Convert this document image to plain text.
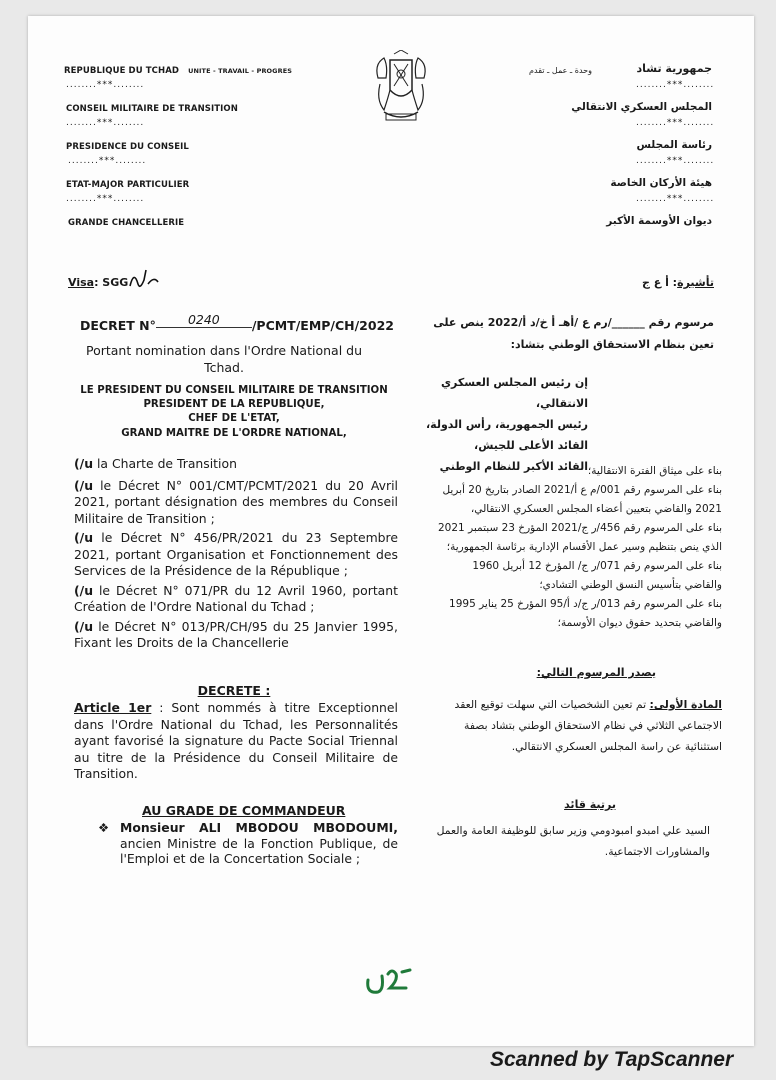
REPUBLIQUE DU TCHAD UNITE - TRAVAIL - PROGRES
........***........
CONSEIL MILITAIRE DE TRANSITION
........***........
PRESIDENCE DU CONSEIL
........***........
ETAT-MAJOR PARTICULIER
........***........
GRANDE CHANCELLERIE
جمهورية تشاد
وحدة ـ عمل ـ تقدم
........***........
المجلس العسكري الانتقالي
........***........
رئاسة المجلس
........***........
هيئة الأركان الخاصة
........***........
ديوان الأوسمة الأكبر
Visa: SGG	تأشيرة: أ ع ج
DECRET N°	0240	/PCMT/EMP/CH/2022
Portant nomination dans l'Ordre National du Tchad.
LE PRESIDENT DU CONSEIL MILITAIRE DE TRANSITION
PRESIDENT DE LA REPUBLIQUE,
CHEF DE L'ETAT,
GRAND MAITRE DE L'ORDRE NATIONAL,
(/u la Charte de Transition
(/u le Décret N° 001/CMT/PCMT/2021 du 20 Avril 2021, portant désignation des membres du Conseil Militaire de Transition ;
(/u le Décret N° 456/PR/2021 du 23 Septembre 2021, portant Organisation et Fonctionnement des Services de la Présidence de la République ;
(/u le Décret N° 071/PR du 12 Avril 1960, portant Création de l'Ordre National du Tchad ;
(/u le Décret N° 013/PR/CH/95 du 25 Janvier 1995, Fixant les Droits de la Chancellerie
DECRETE :
Article 1er : Sont nommés à titre Exceptionnel dans l'Ordre National du Tchad, les Personnalités ayant favorisé la signature du Pacte Social Triennal au titre de la Présidence du Conseil Militaire de Transition.
AU GRADE DE COMMANDEUR
❖ Monsieur ALI MBODOU MBODOUMI, ancien Ministre de la Fonction Publique, de l'Emploi et de la Concertation Sociale ;
مرسوم رقم ______/رم ع /أهـ أ خ/د أ/2022 ينص على
تعين بنظام الاستحقاق الوطني بتشاد:
إن رئيس المجلس العسكري الانتقالي،
رئيس الجمهورية، رأس الدولة،
القائد الأعلى للجيش،
القائد الأكبر للنظام الوطني بناء على ميثاق الفترة الانتقالية؛
بناء على المرسوم رقم 001/م ع أ/2021 الصادر بتاريخ 20 أبريل 2021 والقاضي بتعيين أعضاء المجلس العسكري الانتقالي،
بناء على المرسوم رقم 456/ر ج/2021 المؤرخ 23 سبتمبر 2021 الذي ينص بتنظيم وسير عمل الأقسام الإدارية برئاسة الجمهورية؛
بناء على المرسوم رقم 071/ر ج/ المؤرخ 12 أبريل 1960 والقاضي بتأسيس النسق الوطني التشادي؛
بناء على المرسوم رقم 013/ر ج/د أ/95 المؤرخ 25 يناير 1995 والقاضي بتحديد حقوق ديوان الأوسمة؛
يصدر المرسوم التالي:
المادة الأولى: تم تعين الشخصيات التي سهلت توقيع العقد الاجتماعي الثلاثي في نظام الاستحقاق الوطني بتشاد بصفة استثنائية عن راسة المجلس العسكري الانتقالي.
برتبة قائد
السيد علي امبدو امبودومي وزير سابق للوظيفة العامة والعمل والمشاورات الاجتماعية.
Scanned by TapScanner
